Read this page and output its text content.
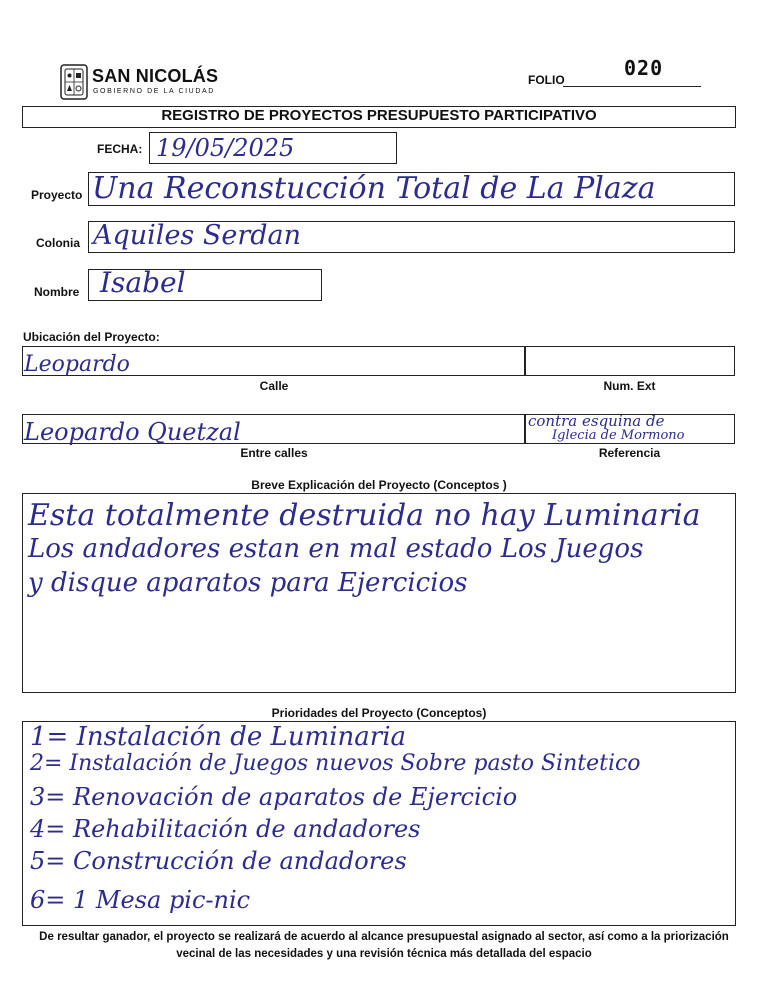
SAN NICOLÁS
GOBIERNO DE LA CIUDAD
FOLIO	020
REGISTRO DE PROYECTOS PRESUPUESTO PARTICIPATIVO
FECHA: 19/05/2025
Proyecto Una Reconstucción Total de La Plaza
Colonia Aquiles Serdan
Nombre Isabel
Ubicación del Proyecto:
Leopardo
Calle	Num. Ext
Leopardo Quetzal	contra esquina de
Iglecia de Mormono
Entre calles	Referencia
Breve Explicación del Proyecto (Conceptos )
Esta totalmente destruida no hay Luminaria
Los andadores estan en mal estado Los Juegos
y disque aparatos para Ejercicios
Prioridades del Proyecto (Conceptos)
1= Instalación de Luminaria
2= Instalación de Juegos nuevos Sobre pasto Sintetico
3= Renovación de aparatos de Ejercicio
4= Rehabilitación de andadores
5= Construcción de andadores
6= 1 Mesa pic-nic
De resultar ganador, el proyecto se realizará de acuerdo al alcance presupuestal asignado al sector, así como a la priorización
vecinal de las necesidades y una revisión técnica más detallada del espacio
